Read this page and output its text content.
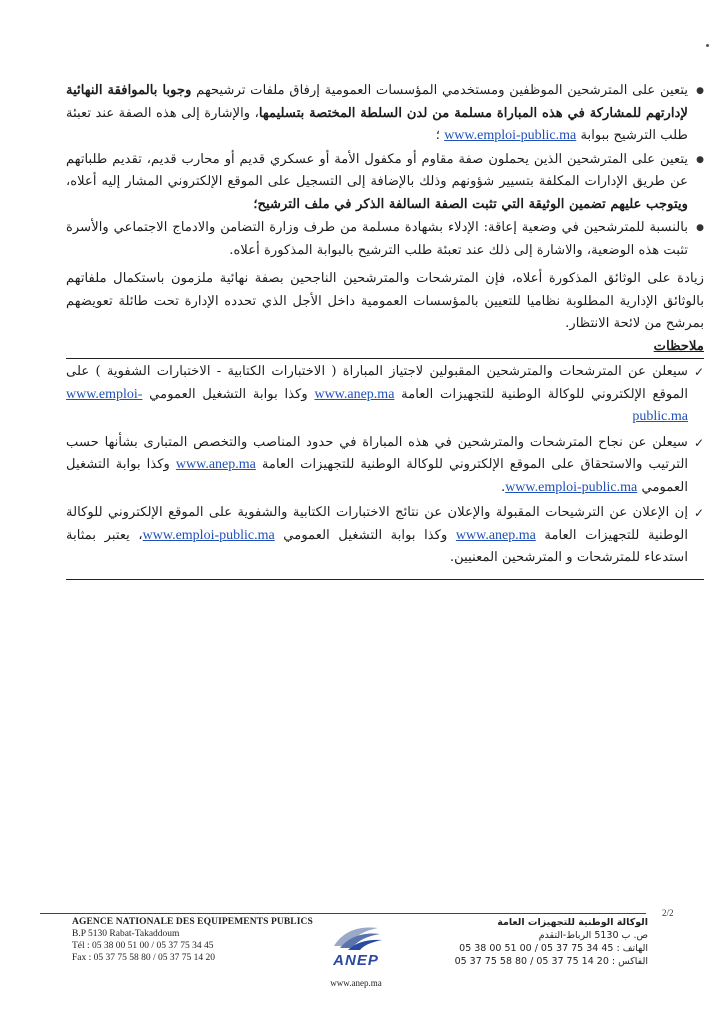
● يتعين على المترشحين الموظفين ومستخدمي المؤسسات العمومية إرفاق ملفات ترشيحهم وجوبا بالموافقة النهائية لإدارتهم للمشاركة في هذه المباراة مسلمة من لدن السلطة المختصة بتسليمها، والإشارة إلى هذه الصفة عند تعبئة طلب الترشيح ببوابة www.emploi-public.ma ؛
● يتعين على المترشحين الذين يحملون صفة مقاوم أو مكفول الأمة أو عسكري قديم أو محارب قديم، تقديم طلباتهم عن طريق الإدارات المكلفة بتسيير شؤونهم وذلك بالإضافة إلى التسجيل على الموقع الإلكتروني المشار إليه أعلاه، ويتوجب عليهم تضمين الوثيقة التي تثبت الصفة السالفة الذكر في ملف الترشيح؛
● بالنسبة للمترشحين في وضعية إعاقة: الإدلاء بشهادة مسلمة من طرف وزارة التضامن والادماج الاجتماعي والأسرة تثبت هذه الوضعية، والاشارة إلى ذلك عند تعبئة طلب الترشيح بالبوابة المذكورة أعلاه.

زيادة على الوثائق المذكورة أعلاه، فإن المترشحات والمترشحين الناجحين بصفة نهائية ملزمون باستكمال ملفاتهم بالوثائق الإدارية المطلوبة نظاميا للتعيين بالمؤسسات العمومية داخل الأجل الذي تحدده الإدارة تحت طائلة تعويضهم بمرشح من لائحة الانتظار.

ملاحظات

✓ سيعلن عن المترشحات والمترشحين المقبولين لاجتياز المباراة ( الاختبارات الكتابية - الاختبارات الشفوية ) على الموقع الإلكتروني للوكالة الوطنية للتجهيزات العامة www.anep.ma وكذا بوابة التشغيل العمومي www.emploi-public.ma
✓ سيعلن عن نجاح المترشحات والمترشحين في هذه المباراة في حدود المناصب والتخصص المتبارى بشأنها حسب الترتيب والاستحقاق على الموقع الإلكتروني للوكالة الوطنية للتجهيزات العامة www.anep.ma وكذا بوابة التشغيل العمومي www.emploi-public.ma.
✓ إن الإعلان عن الترشيحات المقبولة والإعلان عن نتائج الاختبارات الكتابية والشفوية على الموقع الإلكتروني للوكالة الوطنية للتجهيزات العامة www.anep.ma وكذا بوابة التشغيل العمومي www.emploi-public.ma، يعتبر بمثابة استدعاء للمترشحات و المترشحين المعنيين.
2/2
AGENCE NATIONALE DES EQUIPEMENTS PUBLICS
B.P 5130 Rabat-Takaddoum
Tél : 05 38 00 51 00 / 05 37 75 34 45
Fax : 05 37 75 58 80 / 05 37 75 14 20	ANEP
www.anep.ma
الوكالة الوطنية للتجهيزات العامة
ص. ب 5130 الرباط-التقدم
الهاتف : 05 38 00 51 00 / 05 37 75 34 45
الفاكس : 05 37 75 58 80 / 05 37 75 14 20
